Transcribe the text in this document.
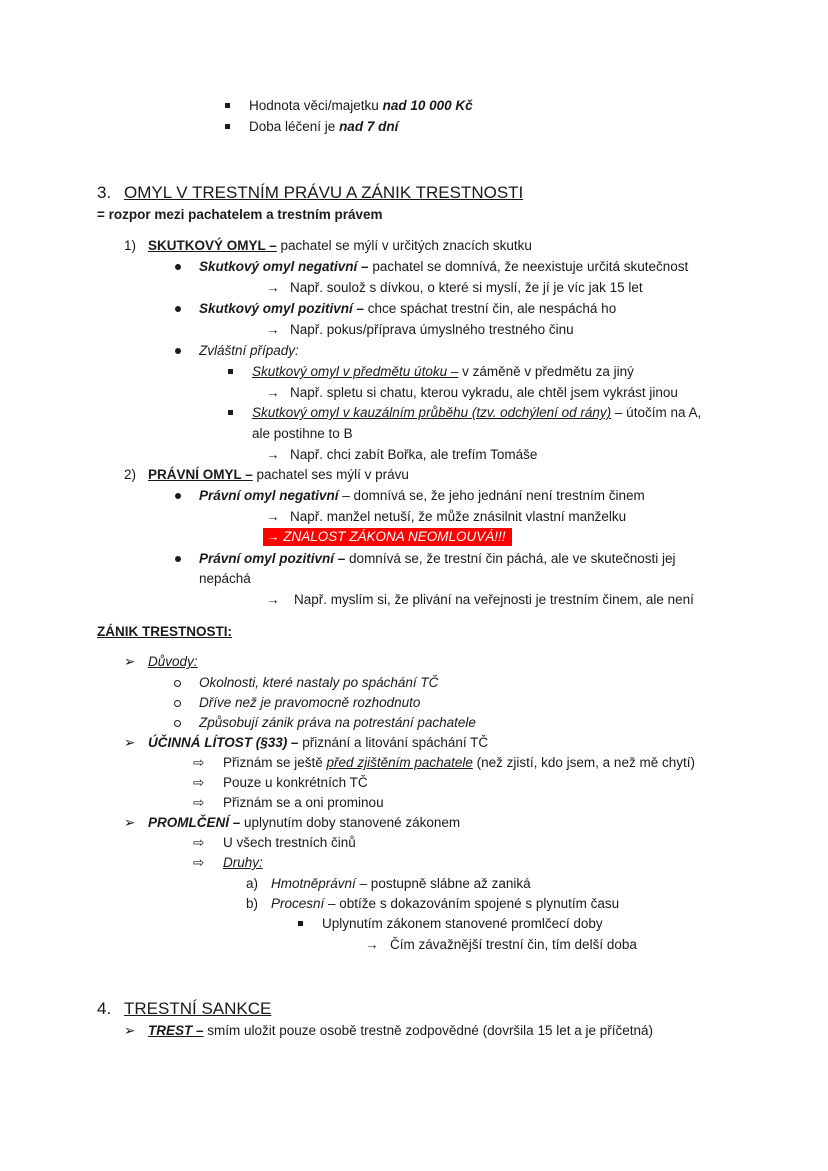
Hodnota věci/majetku nad 10 000 Kč
Doba léčení je nad 7 dní
3. OMYL V TRESTNÍM PRÁVU A ZÁNIK TRESTNOSTI
= rozpor mezi pachatelem a trestním právem
1) SKUTKOVÝ OMYL – pachatel se mýlí v určitých znacích skutku
Skutkový omyl negativní – pachatel se domnívá, že neexistuje určitá skutečnost
→ Např. soulož s dívkou, o které si myslí, že jí je víc jak 15 let
Skutkový omyl pozitivní – chce spáchat trestní čin, ale nespáchá ho
→ Např. pokus/příprava úmyslného trestného činu
Zvláštní případy:
Skutkový omyl v předmětu útoku – v záměně v předmětu za jiný
→ Např. spletu si chatu, kterou vykradu, ale chtěl jsem vykrást jinou
Skutkový omyl v kauzálním průběhu (tzv. odchýlení od rány) – útočím na A,
ale postihne to B
→ Např. chci zabít Bořka, ale trefím Tomáše
2) PRÁVNÍ OMYL – pachatel ses mýlí v právu
Právní omyl negativní – domnívá se, že jeho jednání není trestním činem
→ Např. manžel netuší, že může znásilnit vlastní manželku
→ ZNALOST ZÁKONA NEOMLOUVÁ!!!
Právní omyl pozitivní – domnívá se, že trestní čin páchá, ale ve skutečnosti jej
nepáchá
→ Např. myslím si, že plivání na veřejnosti je trestním činem, ale není
ZÁNIK TRESTNOSTI:
➢ Důvody:
Okolnosti, které nastaly po spáchání TČ
Dříve než je pravomocně rozhodnuto
Způsobují zánik práva na potrestání pachatele
➢ ÚČINNÁ LÍTOST (§33) – přiznání a litování spáchání TČ
⇨ Přiznám se ještě před zjištěním pachatele (než zjistí, kdo jsem, a než mě chytí)
⇨ Pouze u konkrétních TČ
⇨ Přiznám se a oni prominou
➢ PROMLČENÍ – uplynutím doby stanovené zákonem
⇨ U všech trestních činů
⇨ Druhy:
a) Hmotněprávní – postupně slábne až zaniká
b) Procesní – obtíže s dokazováním spojené s plynutím času
Uplynutím zákonem stanovené promlčecí doby
→ Čím závažnější trestní čin, tím delší doba
4. TRESTNÍ SANKCE
➢ TREST – smím uložit pouze osobě trestně zodpovědné (dovršila 15 let a je příčetná)
